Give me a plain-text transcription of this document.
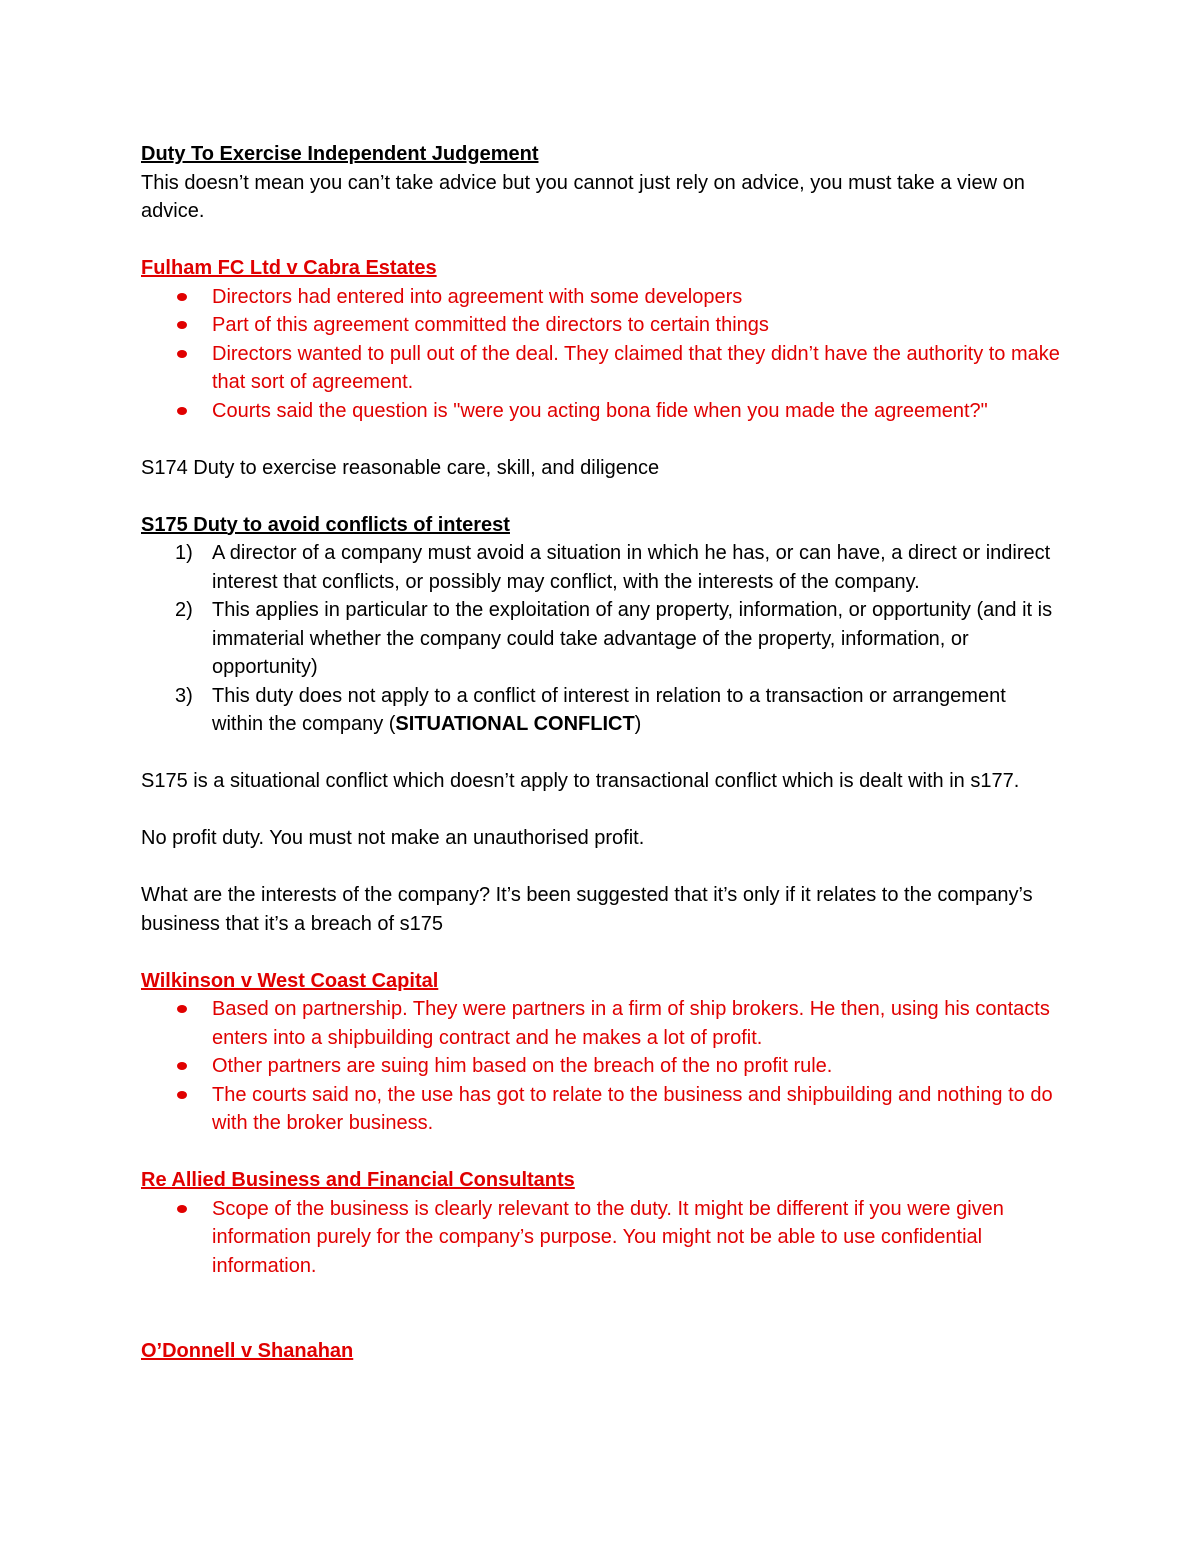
Duty To Exercise Independent Judgement

This doesn’t mean you can’t take advice but you cannot just rely on advice, you must take a view on advice.

Fulham FC Ltd v Cabra Estates

Directors had entered into agreement with some developers
Part of this agreement committed the directors to certain things
Directors wanted to pull out of the deal. They claimed that they didn’t have the authority to make that sort of agreement.
Courts said the question is "were you acting bona fide when you made the agreement?"

S174 Duty to exercise reasonable care, skill, and diligence

S175 Duty to avoid conflicts of interest

1) A director of a company must avoid a situation in which he has, or can have, a direct or indirect interest that conflicts, or possibly may conflict, with the interests of the company.
2) This applies in particular to the exploitation of any property, information, or opportunity (and it is immaterial whether the company could take advantage of the property, information, or opportunity)
3) This duty does not apply to a conflict of interest in relation to a transaction or arrangement within the company (SITUATIONAL CONFLICT)

S175 is a situational conflict which doesn’t apply to transactional conflict which is dealt with in s177.

No profit duty. You must not make an unauthorised profit.

What are the interests of the company? It’s been suggested that it’s only if it relates to the company’s business that it’s a breach of s175

Wilkinson v West Coast Capital

Based on partnership. They were partners in a firm of ship brokers. He then, using his contacts enters into a shipbuilding contract and he makes a lot of profit.
Other partners are suing him based on the breach of the no profit rule.
The courts said no, the use has got to relate to the business and shipbuilding and nothing to do with the broker business.

Re Allied Business and Financial Consultants

Scope of the business is clearly relevant to the duty. It might be different if you were given information purely for the company’s purpose. You might not be able to use confidential information.

O’Donnell v Shanahan
